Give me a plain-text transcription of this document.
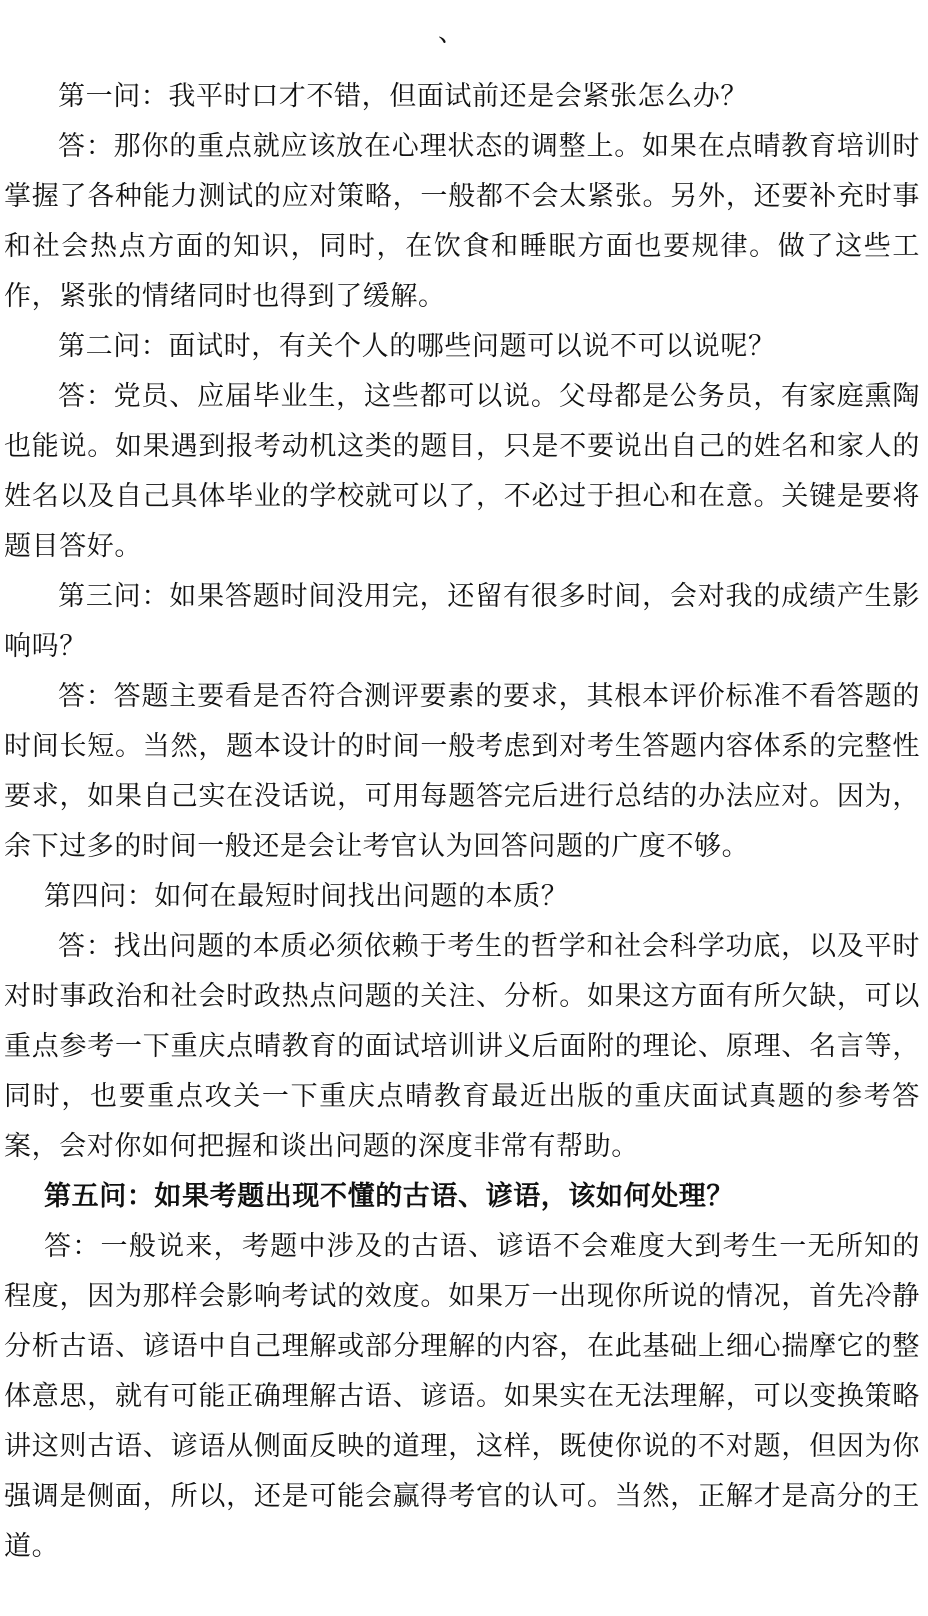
、

第一问：我平时口才不错，但面试前还是会紧张怎么办？

答：那你的重点就应该放在心理状态的调整上。如果在点晴教育培训时掌握了各种能力测试的应对策略，一般都不会太紧张。另外，还要补充时事和社会热点方面的知识，同时，在饮食和睡眠方面也要规律。做了这些工作，紧张的情绪同时也得到了缓解。

第二问：面试时，有关个人的哪些问题可以说不可以说呢？

答：党员、应届毕业生，这些都可以说。父母都是公务员，有家庭熏陶也能说。如果遇到报考动机这类的题目，只是不要说出自己的姓名和家人的姓名以及自己具体毕业的学校就可以了，不必过于担心和在意。关键是要将题目答好。

第三问：如果答题时间没用完，还留有很多时间，会对我的成绩产生影响吗？

答：答题主要看是否符合测评要素的要求，其根本评价标准不看答题的时间长短。当然，题本设计的时间一般考虑到对考生答题内容体系的完整性要求，如果自己实在没话说，可用每题答完后进行总结的办法应对。因为，余下过多的时间一般还是会让考官认为回答问题的广度不够。

第四问：如何在最短时间找出问题的本质？

答：找出问题的本质必须依赖于考生的哲学和社会科学功底，以及平时对时事政治和社会时政热点问题的关注、分析。如果这方面有所欠缺，可以重点参考一下重庆点晴教育的面试培训讲义后面附的理论、原理、名言等，同时，也要重点攻关一下重庆点晴教育最近出版的重庆面试真题的参考答案，会对你如何把握和谈出问题的深度非常有帮助。

第五问：如果考题出现不懂的古语、谚语，该如何处理？

答：一般说来，考题中涉及的古语、谚语不会难度大到考生一无所知的程度，因为那样会影响考试的效度。如果万一出现你所说的情况，首先冷静分析古语、谚语中自己理解或部分理解的内容，在此基础上细心揣摩它的整体意思，就有可能正确理解古语、谚语。如果实在无法理解，可以变换策略讲这则古语、谚语从侧面反映的道理，这样，既使你说的不对题，但因为你强调是侧面，所以，还是可能会赢得考官的认可。当然，正解才是高分的王道。
